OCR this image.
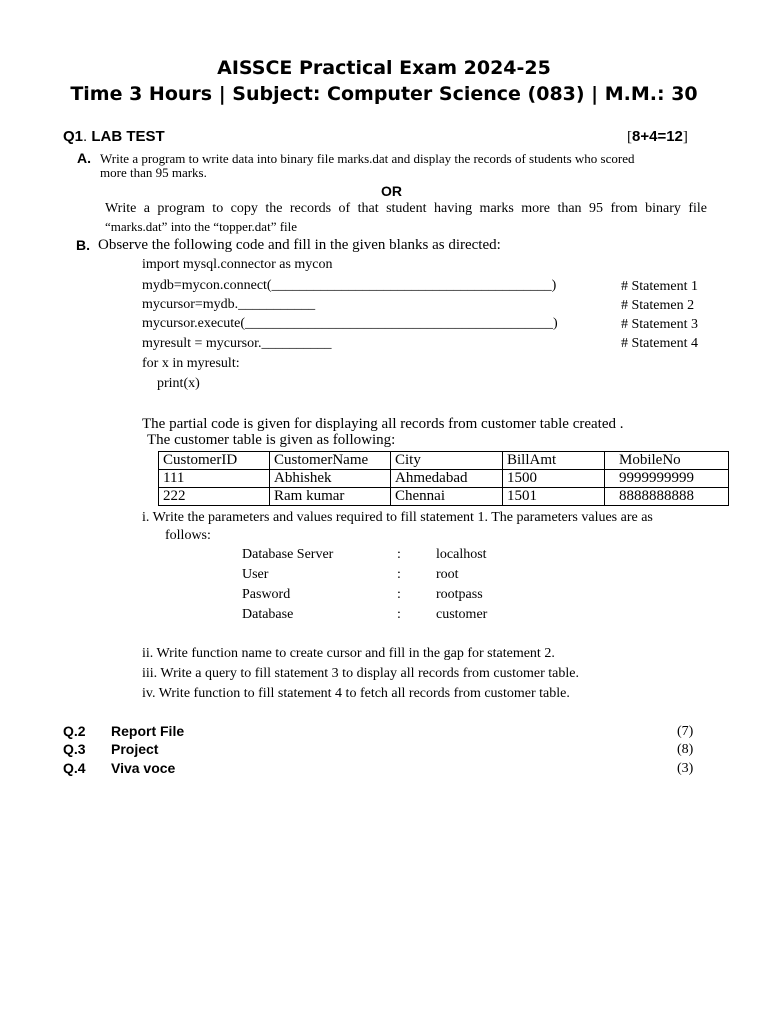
AISSCE Practical Exam 2024-25
Time 3 Hours | Subject: Computer Science (083) | M.M.: 30
Q1. LAB TEST	[8+4=12]
A. Write a program to write data into binary file marks.dat and display the records of students who scored
more than 95 marks.
OR
Write a program to copy the records of that student having marks more than 95 from binary file
“marks.dat” into the “topper.dat” file
B. Observe the following code and fill in the given blanks as directed:
import mysql.connector as mycon
mydb=mycon.connect(________________________________________)
mycursor=mydb.___________
mycursor.execute(____________________________________________)
myresult = mycursor.__________
for x in myresult:
print(x)
# Statement 1
# Statemen 2
# Statement 3
# Statement 4
The partial code is given for displaying all records from customer table created .
The customer table is given as following:
CustomerID	CustomerName	City	BillAmt	MobileNo
111	Abhishek	Ahmedabad	1500	9999999999
222	Ram kumar	Chennai	1501	8888888888
i. Write the parameters and values required to fill statement 1. The parameters values are as
follows:
Database Server	:	localhost
User	:	root
Pasword	:	rootpass
Database	:	customer
ii. Write function name to create cursor and fill in the gap for statement 2.
iii. Write a query to fill statement 3 to display all records from customer table.
iv. Write function to fill statement 4 to fetch all records from customer table.
Q.2 Report File	(7)
Q.3 Project	(8)
Q.4 Viva voce	(3)
